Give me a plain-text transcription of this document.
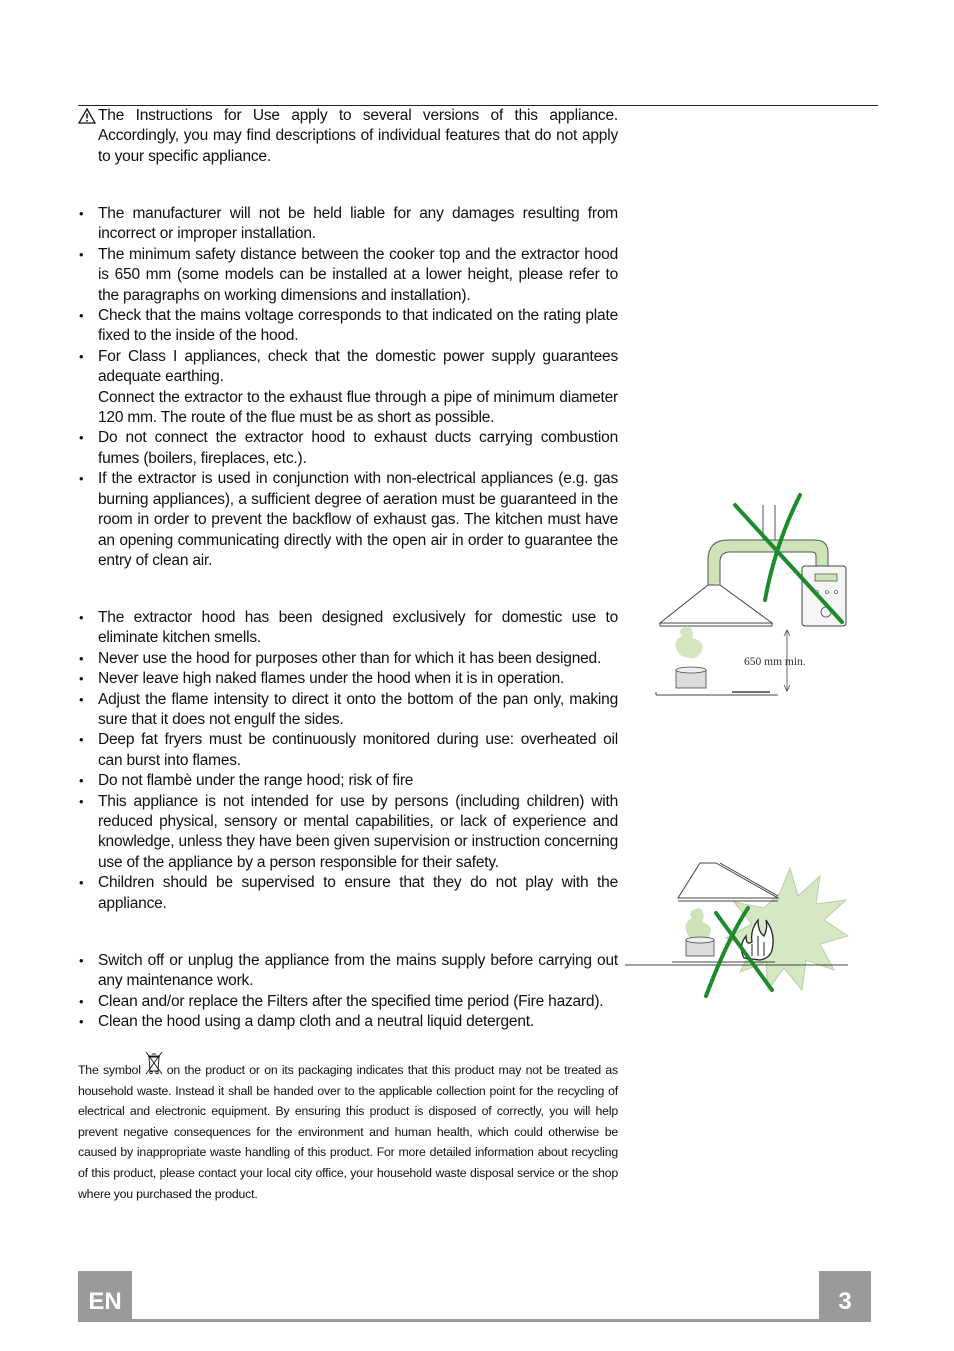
The Instructions for Use apply to several versions of this appliance. Accordingly, you may find descriptions of individual features that do not apply to your specific appliance.
• The manufacturer will not be held liable for any damages resulting from incorrect or improper installation.
• The minimum safety distance between the cooker top and the extractor hood is 650 mm (some models can be installed at a lower height, please refer to the paragraphs on working dimensions and installation).
• Check that the mains voltage corresponds to that indicated on the rating plate fixed to the inside of the hood.
• For Class I appliances, check that the domestic power supply guarantees adequate earthing.
Connect the extractor to the exhaust flue through a pipe of minimum diameter 120 mm. The route of the flue must be as short as possible.
• Do not connect the extractor hood to exhaust ducts carrying combustion fumes (boilers, fireplaces, etc.).
• If the extractor is used in conjunction with non-electrical appliances (e.g. gas burning appliances), a sufficient degree of aeration must be guaranteed in the room in order to prevent the backflow of exhaust gas. The kitchen must have an opening communicating directly with the open air in order to guarantee the entry of clean air.
• The extractor hood has been designed exclusively for domestic use to eliminate kitchen smells.
• Never use the hood for purposes other than for which it has been designed.
• Never leave high naked flames under the hood when it is in operation.
• Adjust the flame intensity to direct it onto the bottom of the pan only, making sure that it does not engulf the sides.
• Deep fat fryers must be continuously monitored during use: overheated oil can burst into flames.
• Do not flambè under the range hood; risk of fire
• This appliance is not intended for use by persons (including children) with reduced physical, sensory or mental capabilities, or lack of experience and knowledge, unless they have been given supervision or instruction concerning use of the appliance by a person responsible for their safety.
• Children should be supervised to ensure that they do not play with the appliance.
• Switch off or unplug the appliance from the mains supply before carrying out any maintenance work.
• Clean and/or replace the Filters after the specified time period (Fire hazard).
• Clean the hood using a damp cloth and a neutral liquid detergent.
The symbol on the product or on its packaging indicates that this product may not be treated as household waste. Instead it shall be handed over to the applicable collection point for the recycling of electrical and electronic equipment. By ensuring this product is disposed of correctly, you will help prevent negative consequences for the environment and human health, which could otherwise be caused by inappropriate waste handling of this product. For more detailed information about recycling of this product, please contact your local city office, your household waste disposal service or the shop where you purchased the product.
650 mm min.
EN	3
